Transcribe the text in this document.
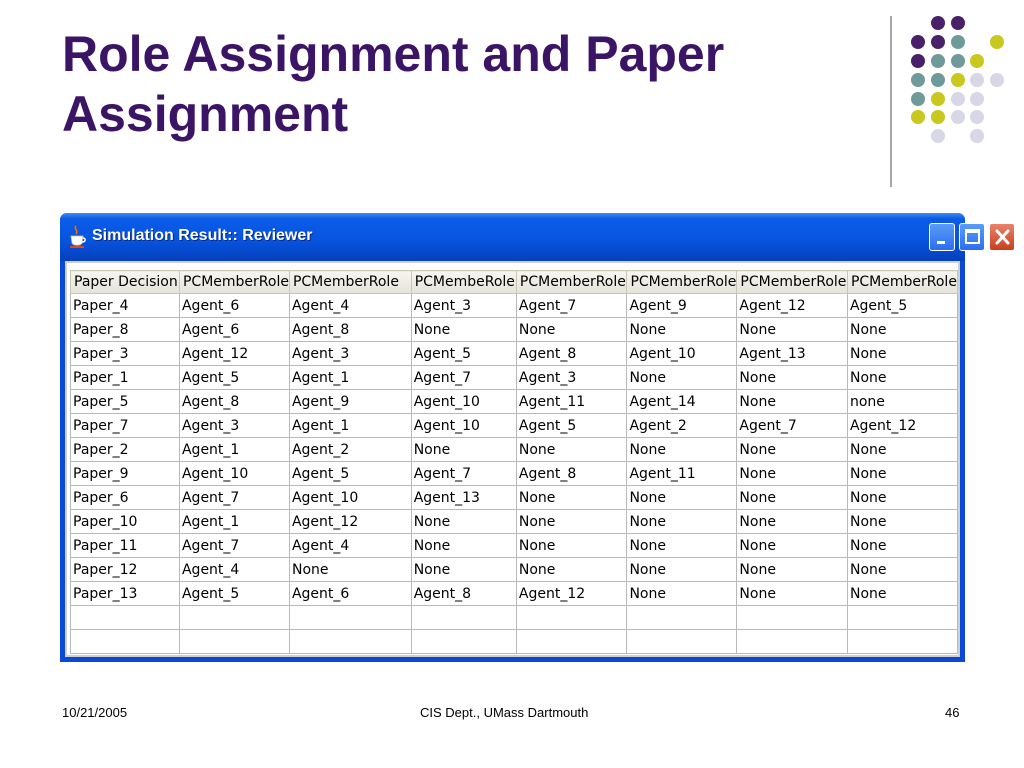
Role Assignment and Paper
Assignment
Simulation Result:: Reviewer
Paper Decision	PCMemberRole	PCMemberRole	PCMembeRole	PCMemberRole	PCMemberRole	PCMemberRole	PCMemberRole
Paper_4	Agent_6	Agent_4	Agent_3	Agent_7	Agent_9	Agent_12	Agent_5
Paper_8	Agent_6	Agent_8	None	None	None	None	None
Paper_3	Agent_12	Agent_3	Agent_5	Agent_8	Agent_10	Agent_13	None
Paper_1	Agent_5	Agent_1	Agent_7	Agent_3	None	None	None
Paper_5	Agent_8	Agent_9	Agent_10	Agent_11	Agent_14	None	none
Paper_7	Agent_3	Agent_1	Agent_10	Agent_5	Agent_2	Agent_7	Agent_12
Paper_2	Agent_1	Agent_2	None	None	None	None	None
Paper_9	Agent_10	Agent_5	Agent_7	Agent_8	Agent_11	None	None
Paper_6	Agent_7	Agent_10	Agent_13	None	None	None	None
Paper_10	Agent_1	Agent_12	None	None	None	None	None
Paper_11	Agent_7	Agent_4	None	None	None	None	None
Paper_12	Agent_4	None	None	None	None	None	None
Paper_13	Agent_5	Agent_6	Agent_8	Agent_12	None	None	None

10/21/2005	CIS Dept., UMass Dartmouth	46
